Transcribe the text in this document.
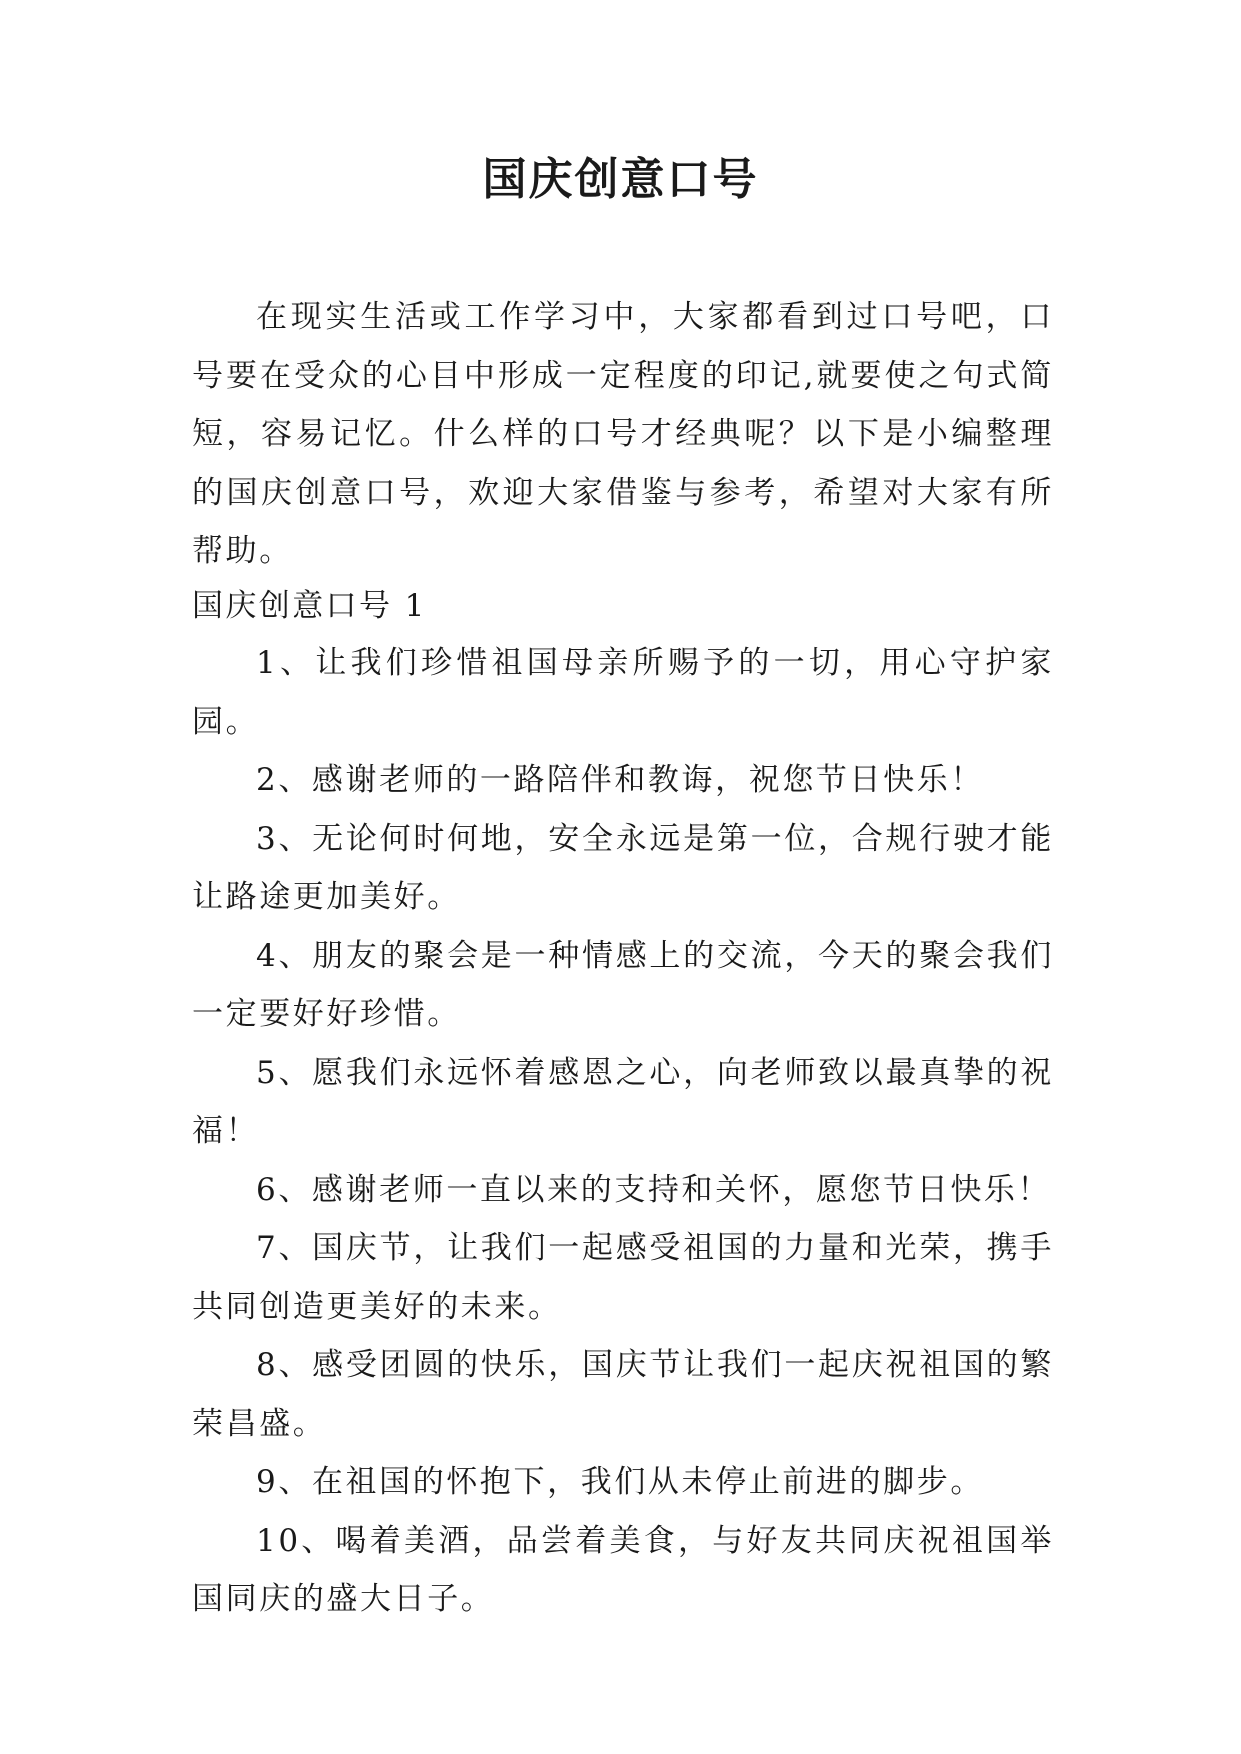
国庆创意口号
在现实生活或工作学习中，大家都看到过口号吧，口号要在受众的心目中形成一定程度的印记,就要使之句式简短，容易记忆。什么样的口号才经典呢？以下是小编整理的国庆创意口号，欢迎大家借鉴与参考，希望对大家有所帮助。
国庆创意口号 1

1、让我们珍惜祖国母亲所赐予的一切，用心守护家园。

2、感谢老师的一路陪伴和教诲，祝您节日快乐！

3、无论何时何地，安全永远是第一位，合规行驶才能让路途更加美好。

4、朋友的聚会是一种情感上的交流，今天的聚会我们一定要好好珍惜。

5、愿我们永远怀着感恩之心，向老师致以最真挚的祝福！

6、感谢老师一直以来的支持和关怀，愿您节日快乐！

7、国庆节，让我们一起感受祖国的力量和光荣，携手共同创造更美好的未来。

8、感受团圆的快乐，国庆节让我们一起庆祝祖国的繁荣昌盛。

9、在祖国的怀抱下，我们从未停止前进的脚步。

10、喝着美酒，品尝着美食，与好友共同庆祝祖国举国同庆的盛大日子。
